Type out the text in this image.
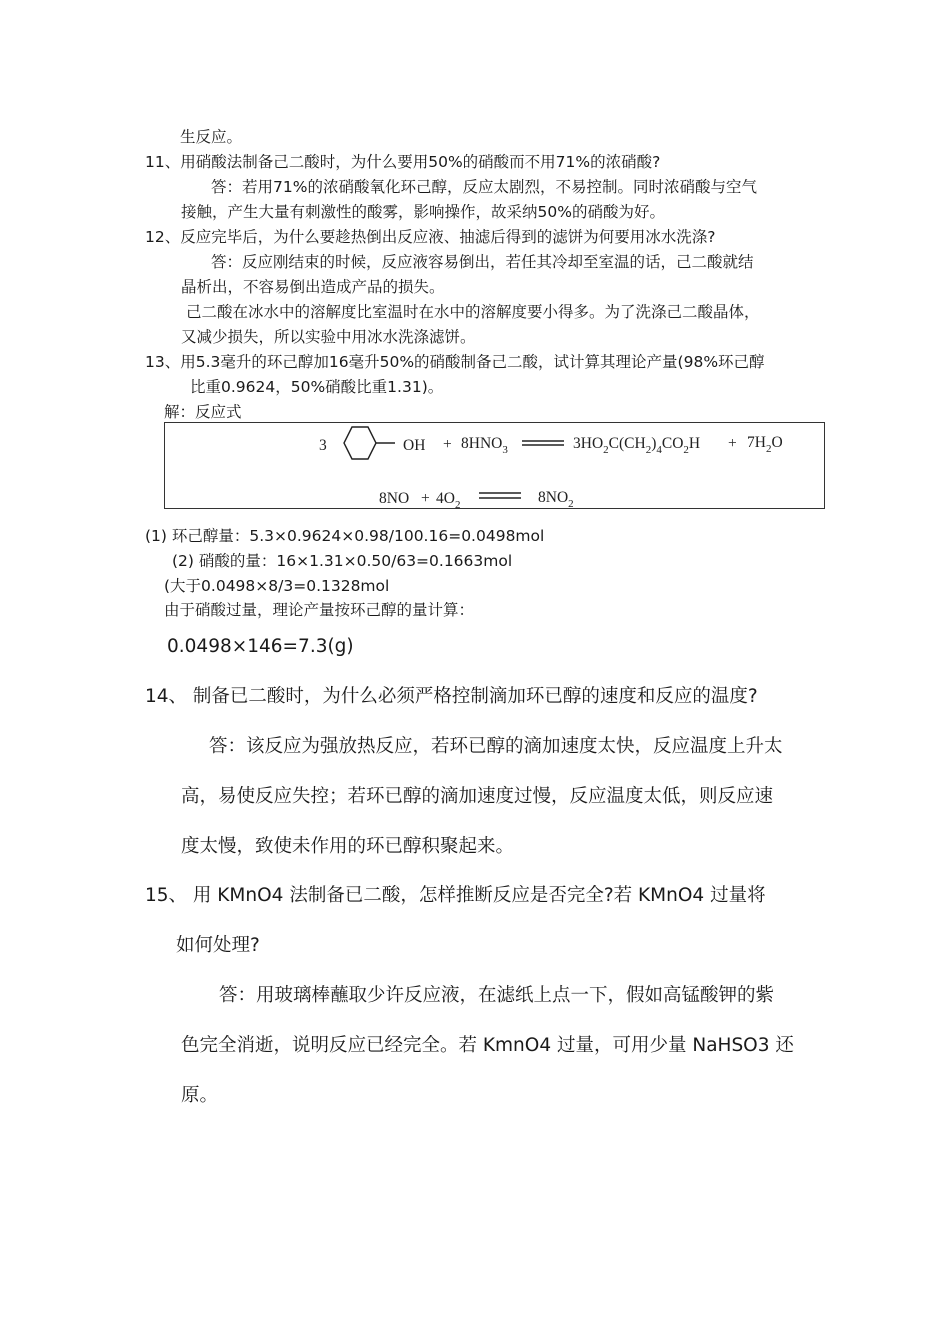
生反应。
11、用硝酸法制备己二酸时，为什么要用50%的硝酸而不用71%的浓硝酸?
答：若用71%的浓硝酸氧化环己醇，反应太剧烈，不易控制。同时浓硝酸与空气
接触，产生大量有刺激性的酸雾，影响操作，故采纳50%的硝酸为好。
12、反应完毕后，为什么要趁热倒出反应液、抽滤后得到的滤饼为何要用冰水洗涤?
答：反应刚结束的时候，反应液容易倒出，若任其冷却至室温的话，己二酸就结
晶析出，不容易倒出造成产品的损失。
己二酸在冰水中的溶解度比室温时在水中的溶解度要小得多。为了洗涤己二酸晶体，
又减少损失，所以实验中用冰水洗涤滤饼。
13、用5.3毫升的环己醇加16毫升50%的硝酸制备己二酸，试计算其理论产量(98%环己醇
比重0.9624，50%硝酸比重1.31)。
解：反应式
3	OH + $8HNO_3$	$3HO_2C(CH_2)_4CO_2H + 7H_2O$
$8NO + 4O_2$	$8NO_2$
(1) 环己醇量：5.3×0.9624×0.98/100.16=0.0498mol
(2) 硝酸的量：16×1.31×0.50/63=0.1663mol
(大于0.0498×8/3=0.1328mol
由于硝酸过量，理论产量按环己醇的量计算：
0.0498×146=7.3(g)
14、 制备已二酸时，为什么必须严格控制滴加环已醇的速度和反应的温度?
答：该反应为强放热反应，若环已醇的滴加速度太快，反应温度上升太
高，易使反应失控；若环已醇的滴加速度过慢，反应温度太低，则反应速
度太慢，致使未作用的环已醇积聚起来。
15、 用 KMnO4 法制备已二酸，怎样推断反应是否完全?若 KMnO4 过量将
如何处理?
答：用玻璃棒蘸取少许反应液，在滤纸上点一下，假如高锰酸钾的紫
色完全消逝，说明反应已经完全。若 KmnO4 过量，可用少量 NaHSO3 还
原。
